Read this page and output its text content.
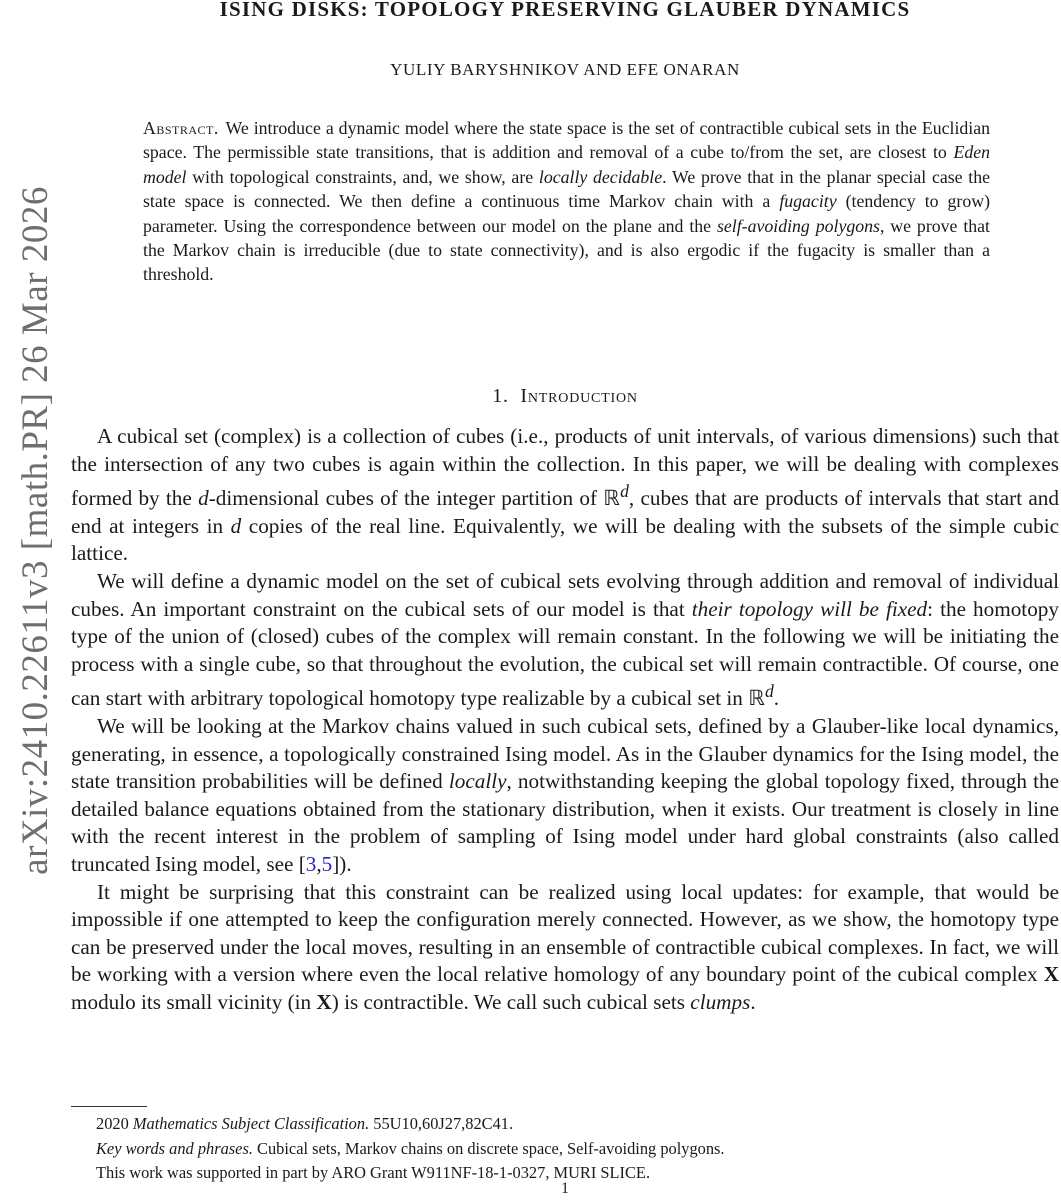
arXiv:2410.22611v3 [math.PR] 26 Mar 2026
ISING DISKS: TOPOLOGY PRESERVING GLAUBER DYNAMICS
YULIY BARYSHNIKOV AND EFE ONARAN
Abstract. We introduce a dynamic model where the state space is the set of contractible cubical sets in the Euclidian space. The permissible state transitions, that is addition and removal of a cube to/from the set, are closest to Eden model with topological constraints, and, we show, are locally decidable. We prove that in the planar special case the state space is connected. We then define a continuous time Markov chain with a fugacity (tendency to grow) parameter. Using the correspondence between our model on the plane and the self-avoiding polygons, we prove that the Markov chain is irreducible (due to state connectivity), and is also ergodic if the fugacity is smaller than a threshold.
1. Introduction

A cubical set (complex) is a collection of cubes (i.e., products of unit intervals, of various dimensions) such that the intersection of any two cubes is again within the collection. In this paper, we will be dealing with complexes formed by the d-dimensional cubes of the integer partition of ℝ$^d$, cubes that are products of intervals that start and end at integers in d copies of the real line. Equivalently, we will be dealing with the subsets of the simple cubic lattice.

We will define a dynamic model on the set of cubical sets evolving through addition and removal of individual cubes. An important constraint on the cubical sets of our model is that their topology will be fixed: the homotopy type of the union of (closed) cubes of the complex will remain constant. In the following we will be initiating the process with a single cube, so that throughout the evolution, the cubical set will remain contractible. Of course, one can start with arbitrary topological homotopy type realizable by a cubical set in ℝ$^d$.

We will be looking at the Markov chains valued in such cubical sets, defined by a Glauber-like local dynamics, generating, in essence, a topologically constrained Ising model. As in the Glauber dynamics for the Ising model, the state transition probabilities will be defined locally, notwithstanding keeping the global topology fixed, through the detailed balance equations obtained from the stationary distribution, when it exists. Our treatment is closely in line with the recent interest in the problem of sampling of Ising model under hard global constraints (also called truncated Ising model, see [3,5]).

It might be surprising that this constraint can be realized using local updates: for example, that would be impossible if one attempted to keep the configuration merely connected. However, as we show, the homotopy type can be preserved under the local moves, resulting in an ensemble of contractible cubical complexes. In fact, we will be working with a version where even the local relative homology of any boundary point of the cubical complex X modulo its small vicinity (in X) is contractible. We call such cubical sets clumps.

2020 Mathematics Subject Classification. 55U10,60J27,82C41.
Key words and phrases. Cubical sets, Markov chains on discrete space, Self-avoiding polygons.
This work was supported in part by ARO Grant W911NF-18-1-0327, MURI SLICE.
1
